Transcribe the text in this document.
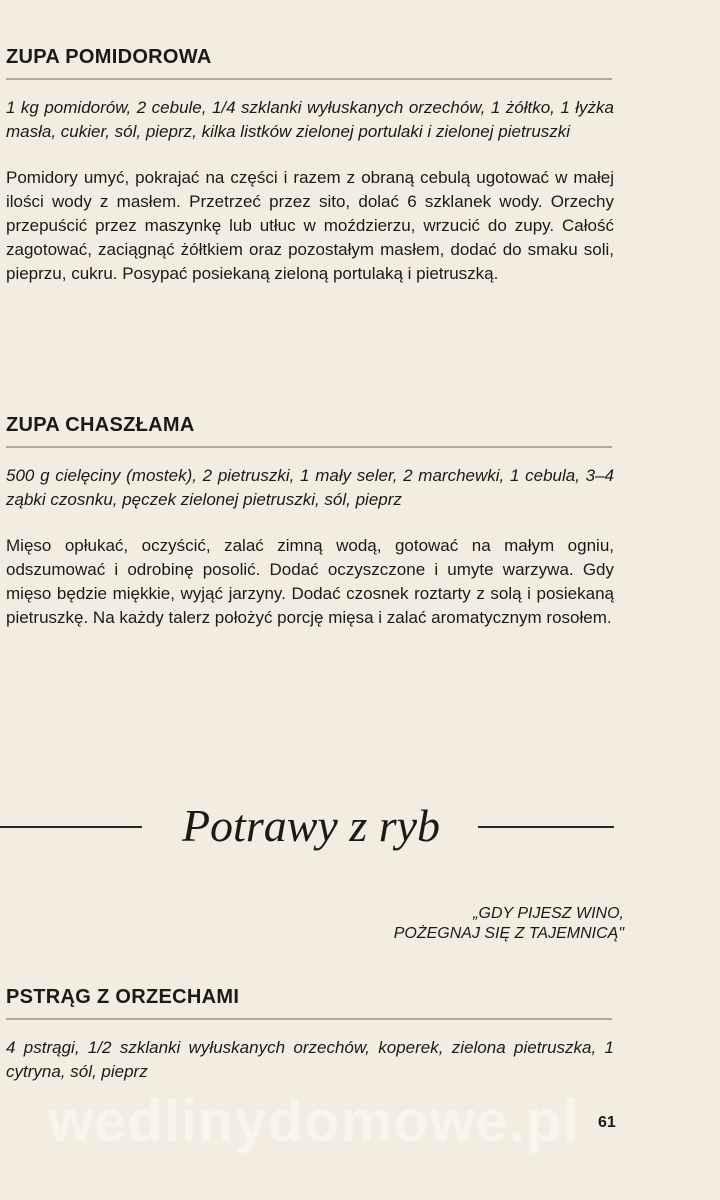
ZUPA POMIDOROWA

1 kg pomidorów, 2 cebule, 1/4 szklanki wyłuskanych orzechów, 1 żółtko, 1 łyżka masła, cukier, sól, pieprz, kilka listków zielonej portulaki i zielonej pietruszki

Pomidory umyć, pokrajać na części i razem z obraną cebulą ugotować w małej ilości wody z masłem. Przetrzeć przez sito, dolać 6 szklanek wody. Orzechy przepuścić przez maszynkę lub utłuc w moździerzu, wrzucić do zupy. Całość zagotować, zaciągnąć żółtkiem oraz pozostałym masłem, dodać do smaku soli, pieprzu, cukru. Posypać posiekaną zieloną portulaką i pietruszką.

ZUPA CHASZŁAMA

500 g cielęciny (mostek), 2 pietruszki, 1 mały seler, 2 marchewki, 1 cebula, 3–4 ząbki czosnku, pęczek zielonej pietruszki, sól, pieprz

Mięso opłukać, oczyścić, zalać zimną wodą, gotować na małym ogniu, odszumować i odrobinę posolić. Dodać oczyszczone i umyte warzywa. Gdy mięso będzie miękkie, wyjąć jarzyny. Dodać czosnek roztarty z solą i posiekaną pietruszkę. Na każdy talerz położyć porcję mięsa i zalać aromatycznym rosołem.

Potrawy z ryb
„GDY PIJESZ WINO,
POŻEGNAJ SIĘ Z TAJEMNICĄ"
PSTRĄG Z ORZECHAMI

4 pstrągi, 1/2 szklanki wyłuskanych orzechów, koperek, zielona pietruszka, 1 cytryna, sól, pieprz

wedlinydomowe.pl	61
